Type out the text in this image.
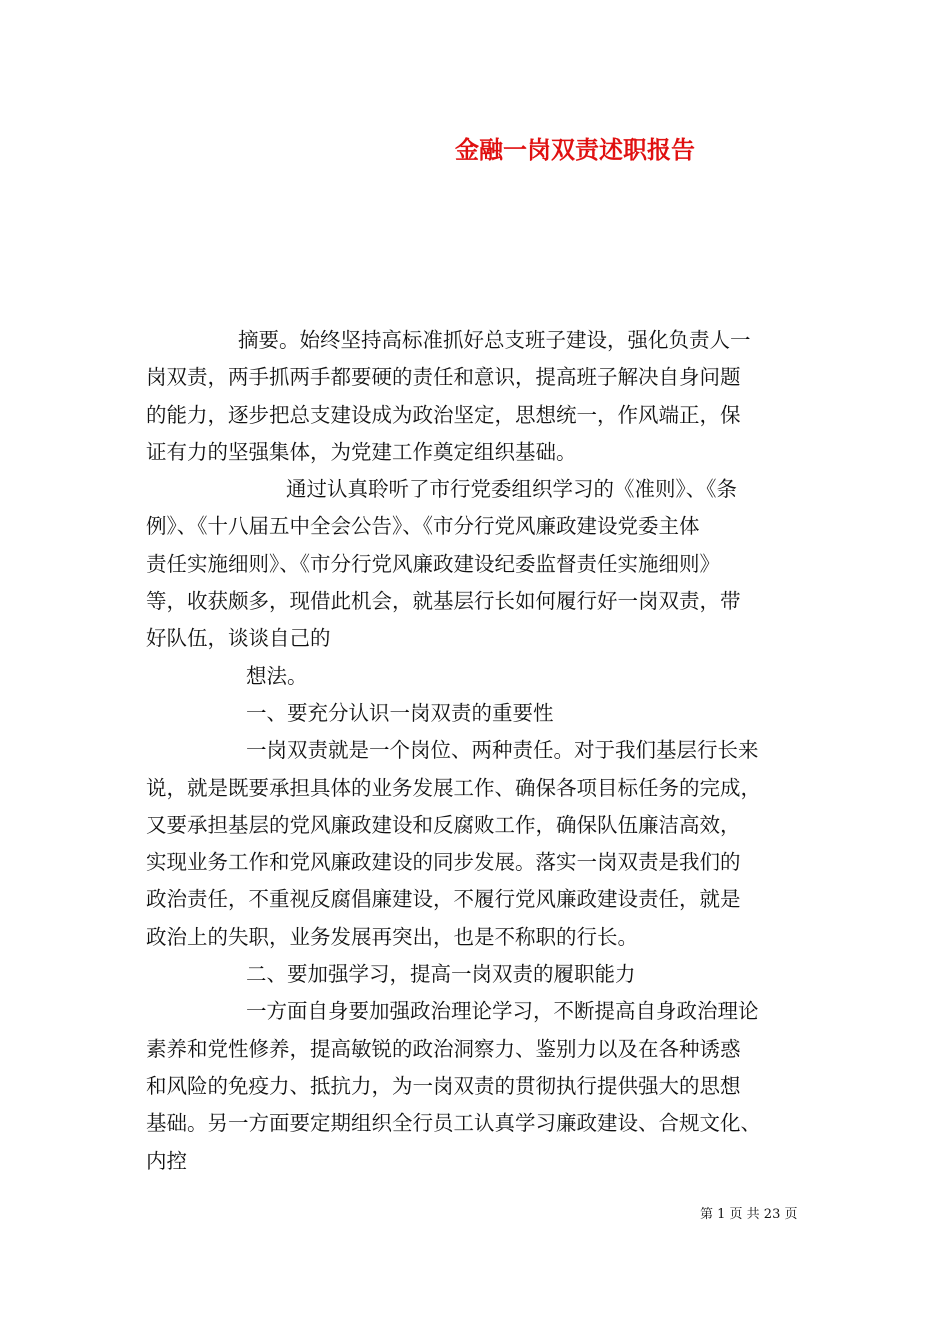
金融一岗双责述职报告
摘要。始终坚持高标准抓好总支班子建设，强化负责人一
岗双责，两手抓两手都要硬的责任和意识，提高班子解决自身问题
的能力，逐步把总支建设成为政治坚定，思想统一，作风端正，保
证有力的坚强集体，为党建工作奠定组织基础。
通过认真聆听了市行党委组织学习的《准则》、《条
例》、《十八届五中全会公告》、《市分行党风廉政建设党委主体
责任实施细则》、《市分行党风廉政建设纪委监督责任实施细则》
等，收获颇多，现借此机会，就基层行长如何履行好一岗双责，带
好队伍，谈谈自己的
想法。
一、要充分认识一岗双责的重要性
一岗双责就是一个岗位、两种责任。对于我们基层行长来
说，就是既要承担具体的业务发展工作、确保各项目标任务的完成，
又要承担基层的党风廉政建设和反腐败工作，确保队伍廉洁高效，
实现业务工作和党风廉政建设的同步发展。落实一岗双责是我们的
政治责任，不重视反腐倡廉建设，不履行党风廉政建设责任，就是
政治上的失职，业务发展再突出，也是不称职的行长。
二、要加强学习，提高一岗双责的履职能力
一方面自身要加强政治理论学习，不断提高自身政治理论
素养和党性修养，提高敏锐的政治洞察力、鉴别力以及在各种诱惑
和风险的免疫力、抵抗力，为一岗双责的贯彻执行提供强大的思想
基础。另一方面要定期组织全行员工认真学习廉政建设、合规文化、
内控
第 1 页 共 23 页
